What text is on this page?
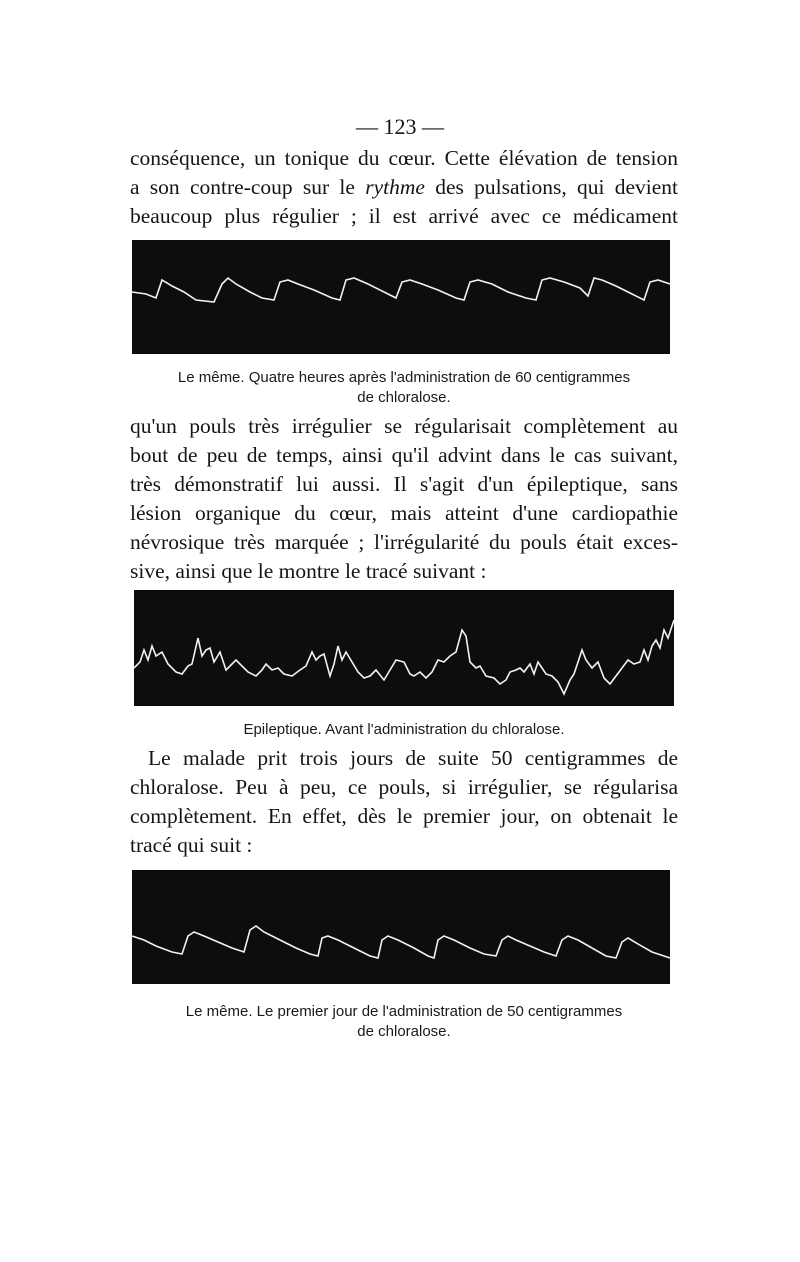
— 123 —

conséquence, un tonique du cœur. Cette élévation de tension
a son contre-coup sur le rythme des pulsations, qui devient
beaucoup plus régulier ; il est arrivé avec ce médicament

Le même. Quatre heures après l'administration de 60 centigrammes
de chloralose.

qu'un pouls très irrégulier se régularisait complètement au
bout de peu de temps, ainsi qu'il advint dans le cas suivant,
très démonstratif lui aussi. Il s'agit d'un épileptique, sans
lésion organique du cœur, mais atteint d'une cardiopathie
névrosique très marquée ; l'irrégularité du pouls était exces-
sive, ainsi que le montre le tracé suivant :

Epileptique. Avant l'administration du chloralose.

Le malade prit trois jours de suite 50 centigrammes de
chloralose. Peu à peu, ce pouls, si irrégulier, se régularisa
complètement. En effet, dès le premier jour, on obtenait le
tracé qui suit :

Le même. Le premier jour de l'administration de 50 centigrammes
de chloralose.
